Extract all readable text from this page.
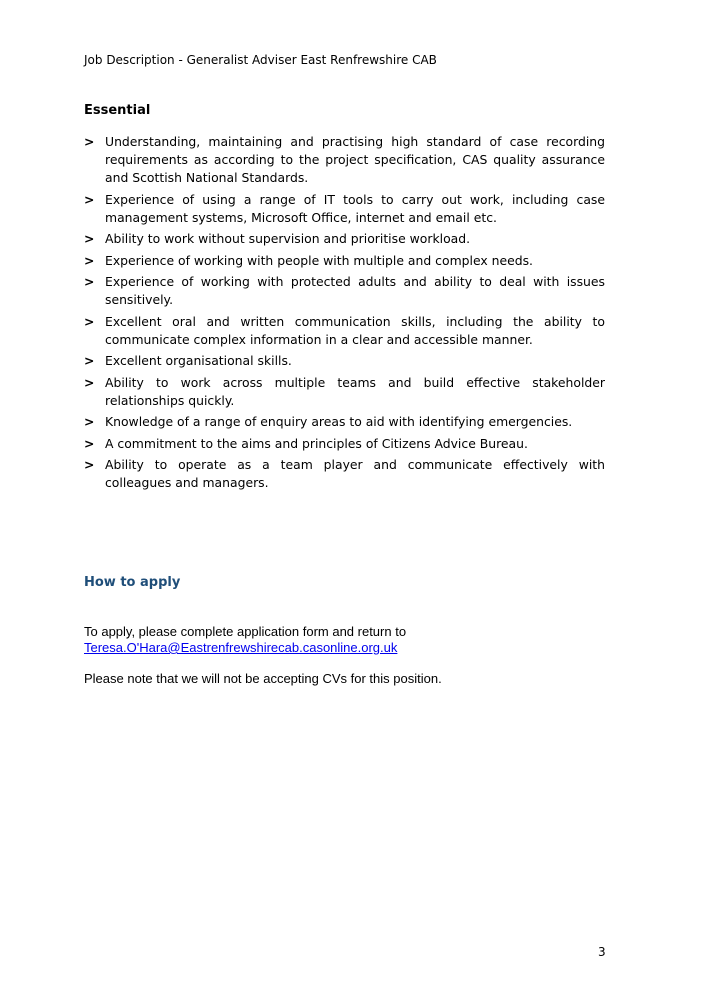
Job Description - Generalist Adviser East Renfrewshire CAB
Essential
> Understanding, maintaining and practising high standard of case recording requirements as according to the project specification, CAS quality assurance and Scottish National Standards.
> Experience of using a range of IT tools to carry out work, including case management systems, Microsoft Office, internet and email etc.
> Ability to work without supervision and prioritise workload.
> Experience of working with people with multiple and complex needs.
> Experience of working with protected adults and ability to deal with issues sensitively.
> Excellent oral and written communication skills, including the ability to communicate complex information in a clear and accessible manner.
> Excellent organisational skills.
> Ability to work across multiple teams and build effective stakeholder relationships quickly.
> Knowledge of a range of enquiry areas to aid with identifying emergencies.
> A commitment to the aims and principles of Citizens Advice Bureau.
> Ability to operate as a team player and communicate effectively with colleagues and managers.
How to apply
To apply, please complete application form and return to
Teresa.O'Hara@Eastrenfrewshirecab.casonline.org.uk
Please note that we will not be accepting CVs for this position.
3
